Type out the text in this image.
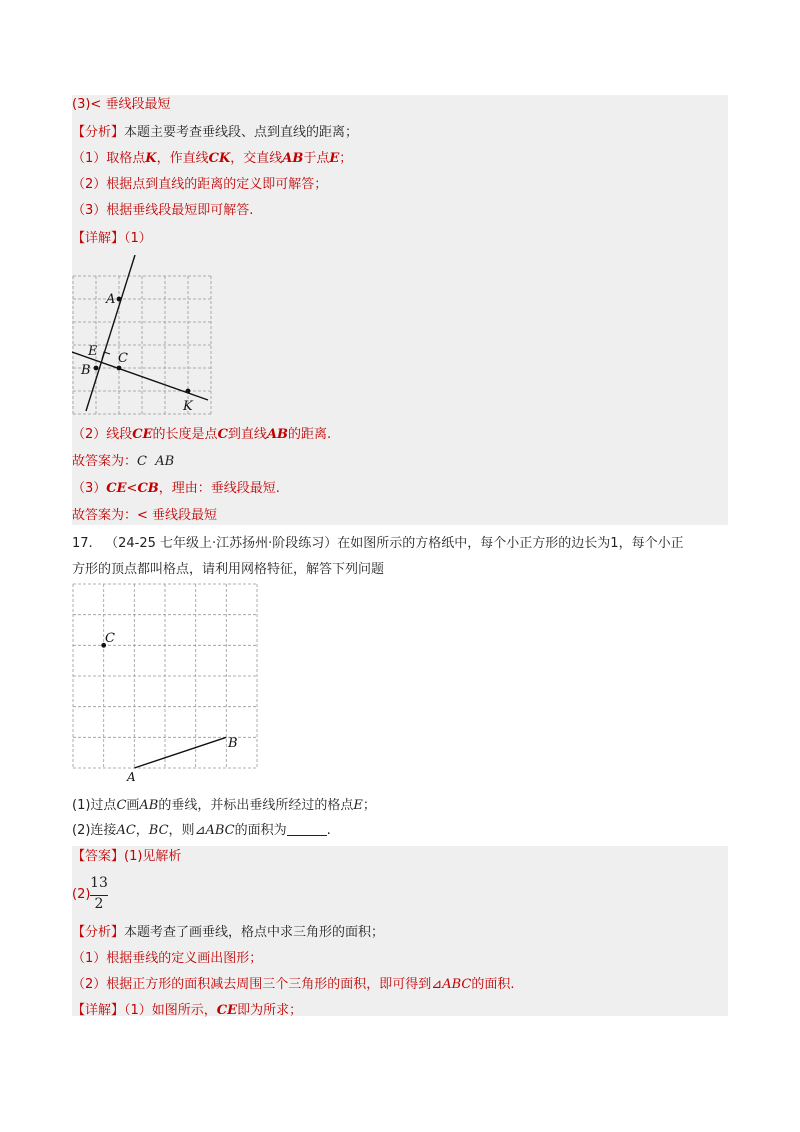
(3)< 垂线段最短
【分析】本题主要考查垂线段、点到直线的距离；
（1）取格点K，作直线CK，交直线AB于点E；
（2）根据点到直线的距离的定义即可解答；
（3）根据垂线段最短即可解答.
【详解】（1）
A
E C
B
K
（2）线段CE的长度是点C到直线AB的距离.
故答案为：C AB
（3）CE<CB，理由：垂线段最短.
故答案为：< 垂线段最短
17. （24-25 七年级上·江苏扬州·阶段练习）在如图所示的方格纸中，每个小正方形的边长为1，每个小正
方形的顶点都叫格点，请利用网格特征，解答下列问题
C
B
A
(1)过点C画AB的垂线，并标出垂线所经过的格点E；
(2)连接AC，BC，则⊿ABC的面积为	.
【答案】(1)见解析
(2)
13
2
【分析】本题考查了画垂线，格点中求三角形的面积；
（1）根据垂线的定义画出图形；
（2）根据正方形的面积减去周围三个三角形的面积，即可得到⊿ABC的面积.
【详解】（1）如图所示，CE即为所求；
